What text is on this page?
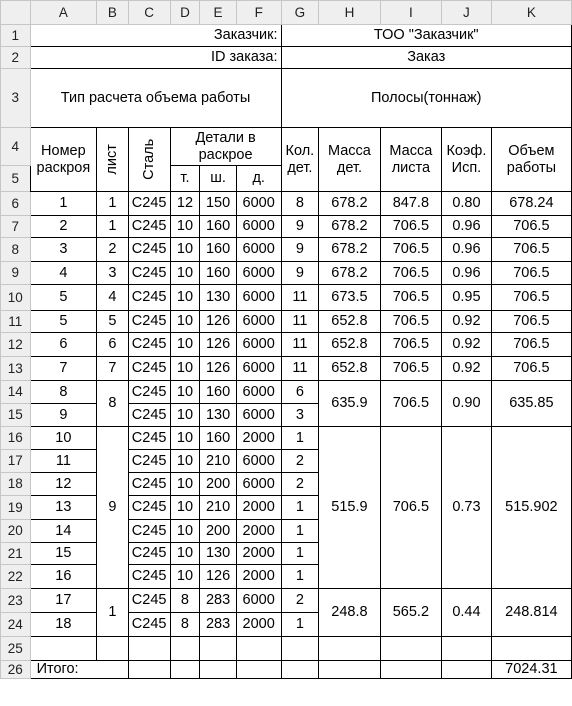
	A	B	C	D	E	F	G	H	I	J	K
1	Заказчик:						ТОО "Заказчик"				
2	ID заказа:						Заказ				
3	Тип расчета объема работы						Полосы(тоннаж)				
4	Номер раскроя	лист	Сталь	Детали в раскрое			Кол. дет.	Масса дет.	Масса листа	Коэф. Исп.	Объем работы
5				т.	ш.	д.					
6	1	1	C245	12	150	6000	8	678.2	847.8	0.80	678.24
7	2	1	C245	10	160	6000	9	678.2	706.5	0.96	706.5
8	3	2	C245	10	160	6000	9	678.2	706.5	0.96	706.5
9	4	3	C245	10	160	6000	9	678.2	706.5	0.96	706.5
10	5	4	C245	10	130	6000	11	673.5	706.5	0.95	706.5
11	5	5	C245	10	126	6000	11	652.8	706.5	0.92	706.5
12	6	6	C245	10	126	6000	11	652.8	706.5	0.92	706.5
13	7	7	C245	10	126	6000	11	652.8	706.5	0.92	706.5
14	8	8	C245	10	160	6000	6	635.9	706.5	0.90	635.85
15	9		C245	10	130	6000	3				
16	10	9	C245	10	160	2000	1	515.9	706.5	0.73	515.902
17	11		C245	10	210	6000	2				
18	12		C245	10	200	6000	2				
19	13		C245	10	210	2000	1				
20	14		C245	10	200	2000	1				
21	15		C245	10	130	2000	1				
22	16		C245	10	126	2000	1				
23	17	1	C245	8	283	6000	2	248.8	565.2	0.44	248.814
24	18		C245	8	283	2000	1				
25											
26	Итого:										7024.31
